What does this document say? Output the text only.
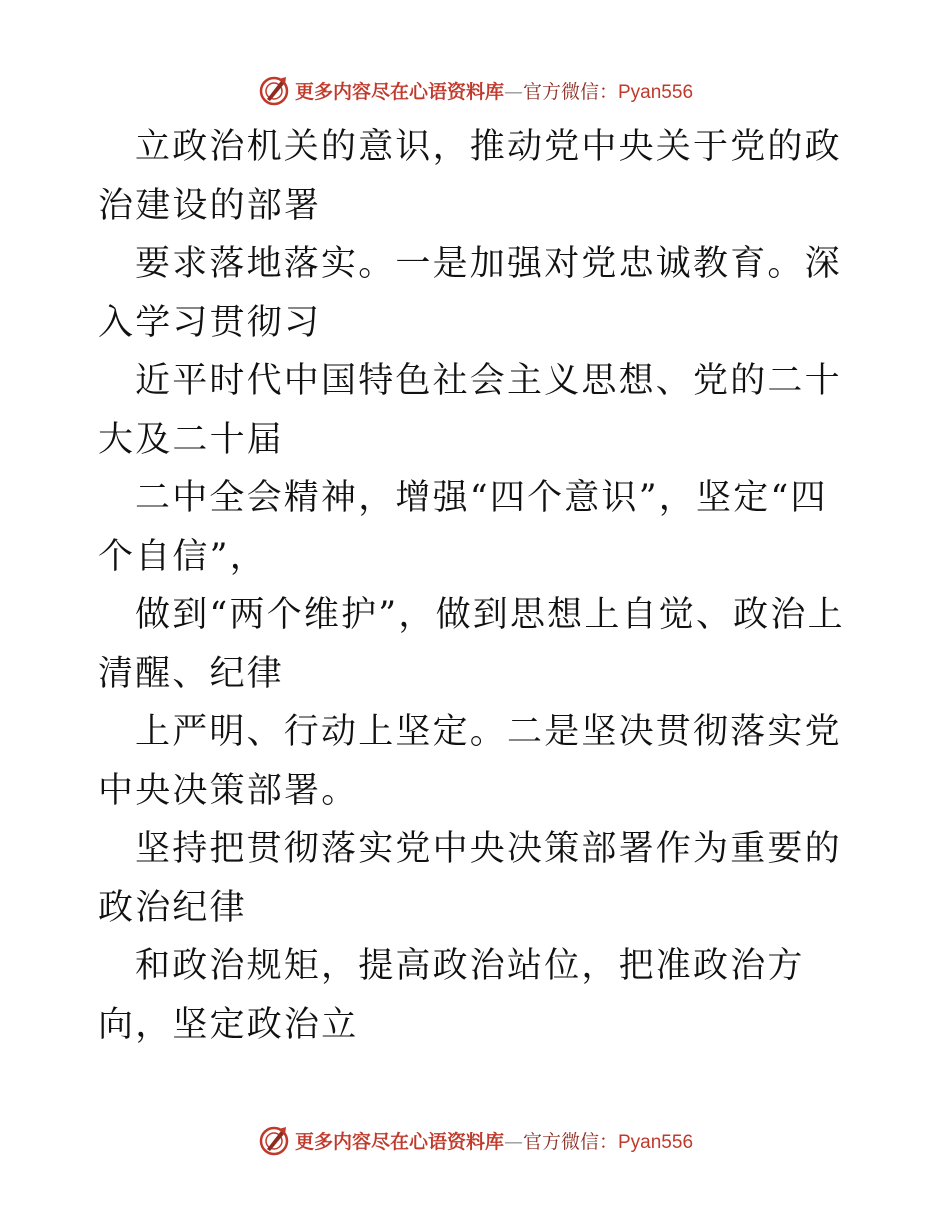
更多内容尽在心语资料库—官方微信：Pyan556

立政治机关的意识，推动党中央关于党的政治建设的部署

要求落地落实。一是加强对党忠诚教育。深入学习贯彻习

近平时代中国特色社会主义思想、党的二十大及二十届

二中全会精神，增强“四个意识”，坚定“四个自信”，

做到“两个维护”，做到思想上自觉、政治上清醒、纪律

上严明、行动上坚定。二是坚决贯彻落实党中央决策部署。

坚持把贯彻落实党中央决策部署作为重要的政治纪律

和政治规矩，提高政治站位，把准政治方向，坚定政治立

更多内容尽在心语资料库—官方微信：Pyan556
